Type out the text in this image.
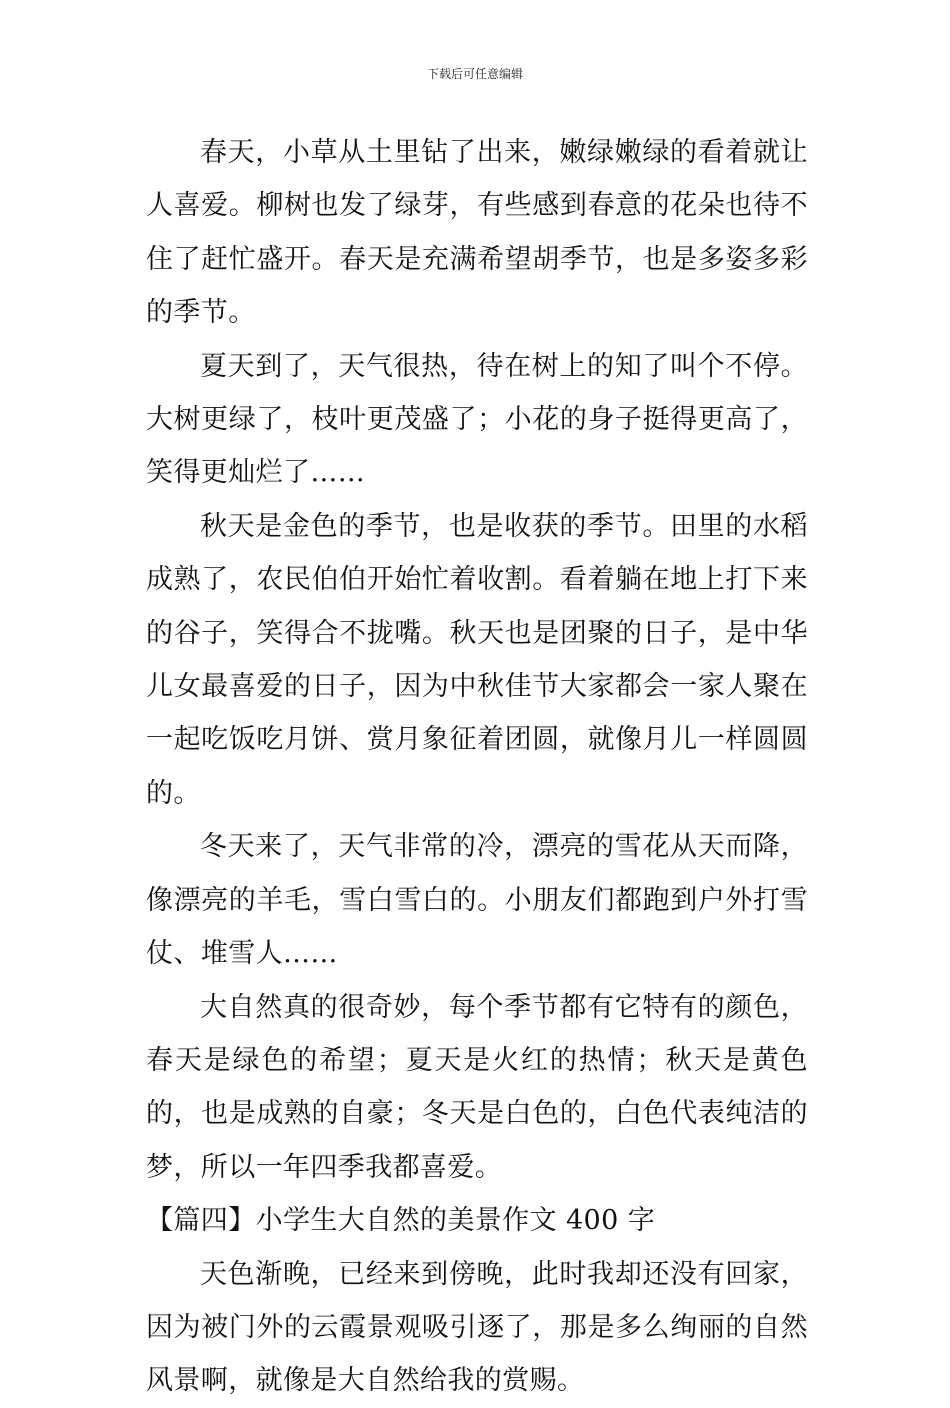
下载后可任意编辑

春天，小草从土里钻了出来，嫩绿嫩绿的看着就让人喜爱。柳树也发了绿芽，有些感到春意的花朵也待不住了赶忙盛开。春天是充满希望胡季节，也是多姿多彩的季节。

夏天到了，天气很热，待在树上的知了叫个不停。大树更绿了，枝叶更茂盛了；小花的身子挺得更高了，笑得更灿烂了……

秋天是金色的季节，也是收获的季节。田里的水稻成熟了，农民伯伯开始忙着收割。看着躺在地上打下来的谷子，笑得合不拢嘴。秋天也是团聚的日子，是中华儿女最喜爱的日子，因为中秋佳节大家都会一家人聚在一起吃饭吃月饼、赏月象征着团圆，就像月儿一样圆圆的。

冬天来了，天气非常的冷，漂亮的雪花从天而降，像漂亮的羊毛，雪白雪白的。小朋友们都跑到户外打雪仗、堆雪人……

大自然真的很奇妙，每个季节都有它特有的颜色，春天是绿色的希望；夏天是火红的热情；秋天是黄色的，也是成熟的自豪；冬天是白色的，白色代表纯洁的梦，所以一年四季我都喜爱。

【篇四】小学生大自然的美景作文 400 字

天色渐晚，已经来到傍晚，此时我却还没有回家，因为被门外的云霞景观吸引逐了，那是多么绚丽的自然风景啊，就像是大自然给我的赏赐。
